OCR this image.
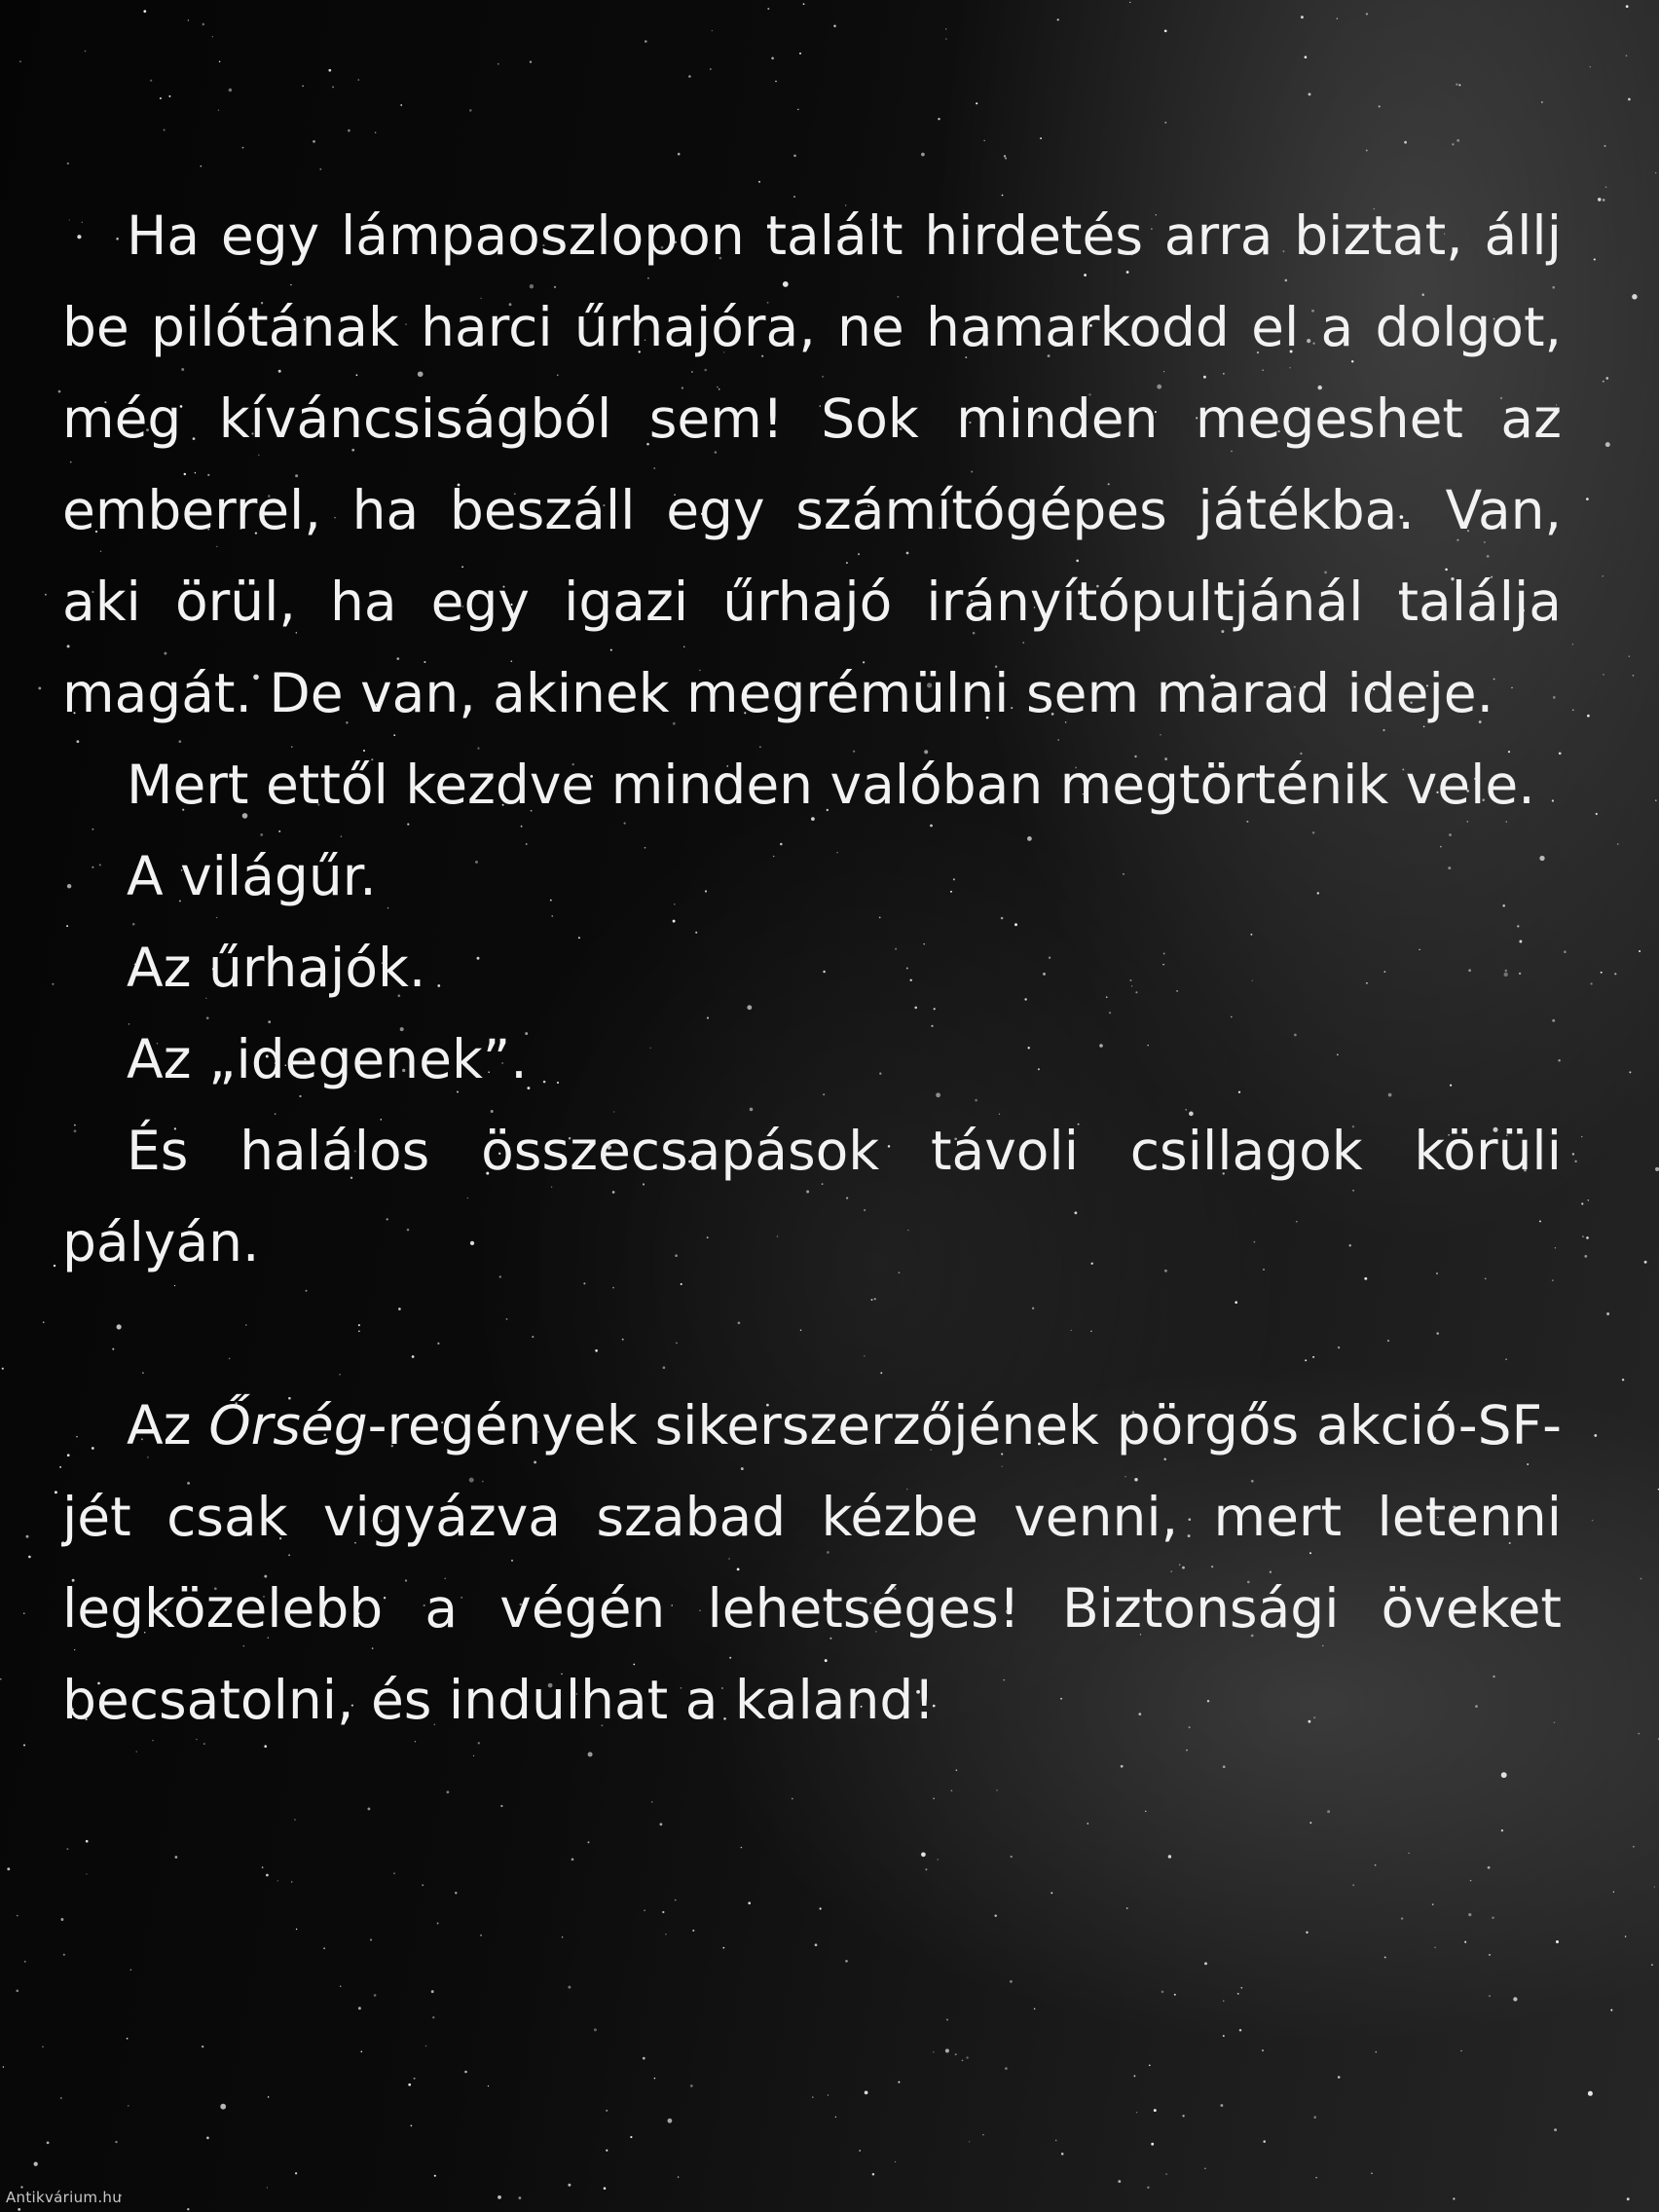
Ha egy lámpaoszlopon talált hirdetés arra biztat, állj be pilótának harci űrhajóra, ne hamarkodd el a dolgot, még kíváncsiságból sem! Sok minden megeshet az emberrel, ha beszáll egy számítógépes játékba. Van, aki örül, ha egy igazi űrhajó irányítópultjánál találja magát. De van, akinek megrémülni sem marad ideje.

Mert ettől kezdve minden valóban megtörténik vele.

A világűr.

Az űrhajók.

Az „idegenek”.

És halálos összecsapások távoli csillagok körüli pályán.

Az Őrség-regények sikerszerzőjének pörgős akció-SF-jét csak vigyázva szabad kézbe venni, mert letenni legközelebb a végén lehetséges! Biztonsági öveket becsatolni, és indulhat a kaland!

Antikvárium.hu
